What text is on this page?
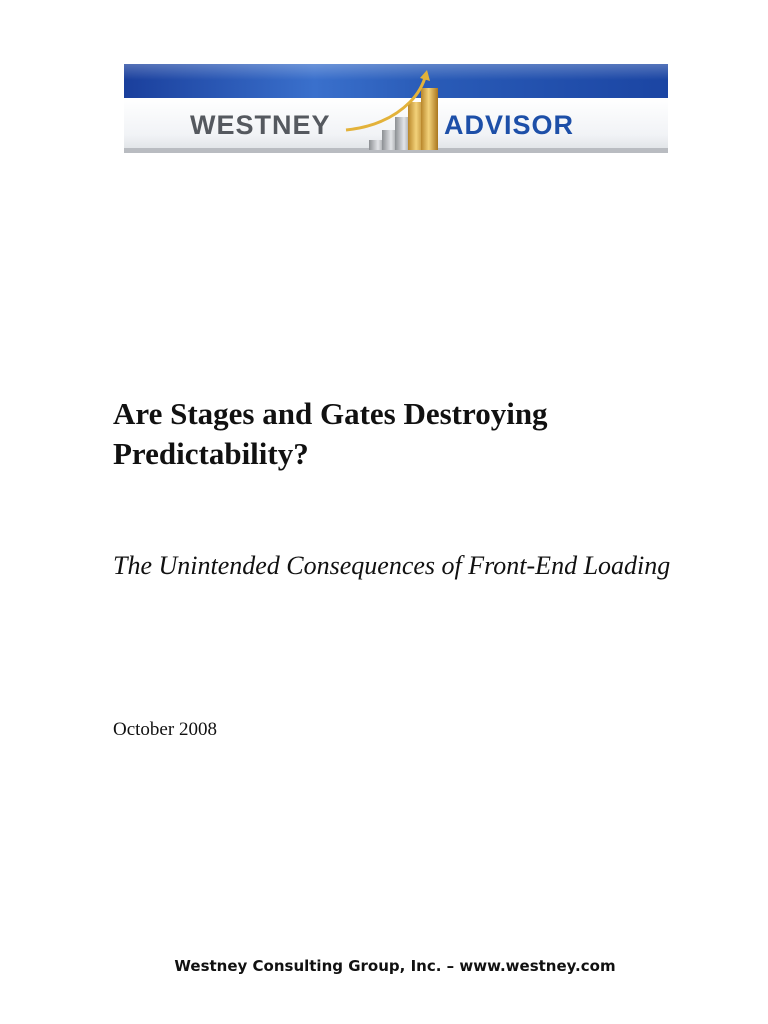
WESTNEY	ADVISOR
Are Stages and Gates Destroying Predictability?

The Unintended Consequences of Front-End Loading

October 2008

Westney Consulting Group, Inc. – www.westney.com
